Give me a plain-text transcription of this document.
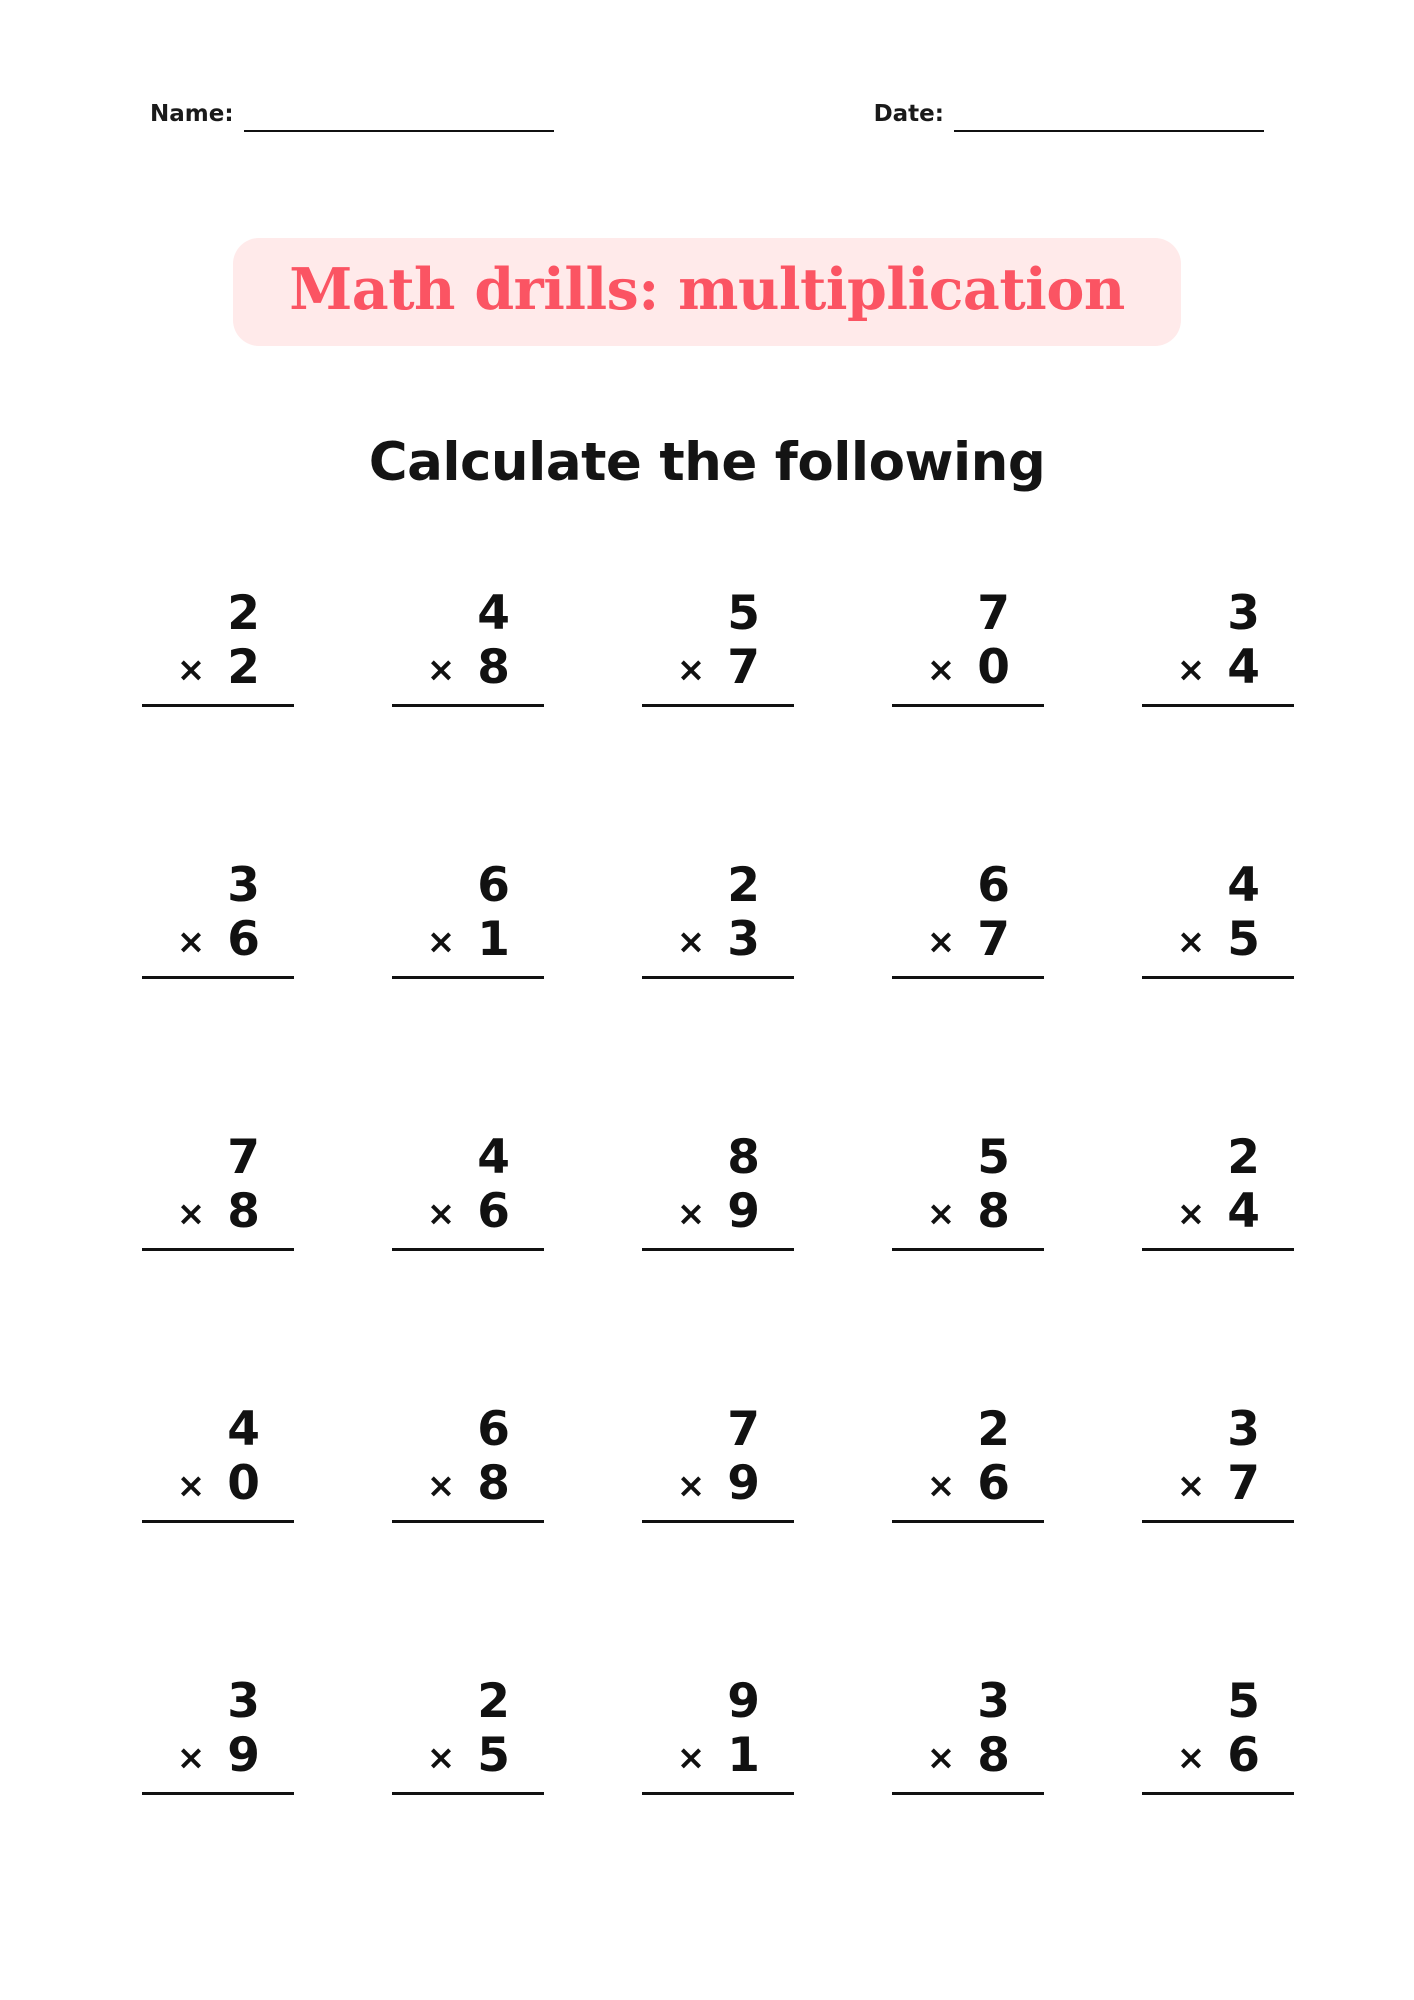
Name:	Date:
Math drills: multiplication
Calculate the following
2
× 2
4
× 8
5
× 7
7
× 0
3
× 4
3
× 6
6
× 1
2
× 3
6
× 7
4
× 5
7
× 8
4
× 6
8
× 9
5
× 8
2
× 4
4
× 0
6
× 8
7
× 9
2
× 6
3
× 7
3
× 9
2
× 5
9
× 1
3
× 8
5
× 6
